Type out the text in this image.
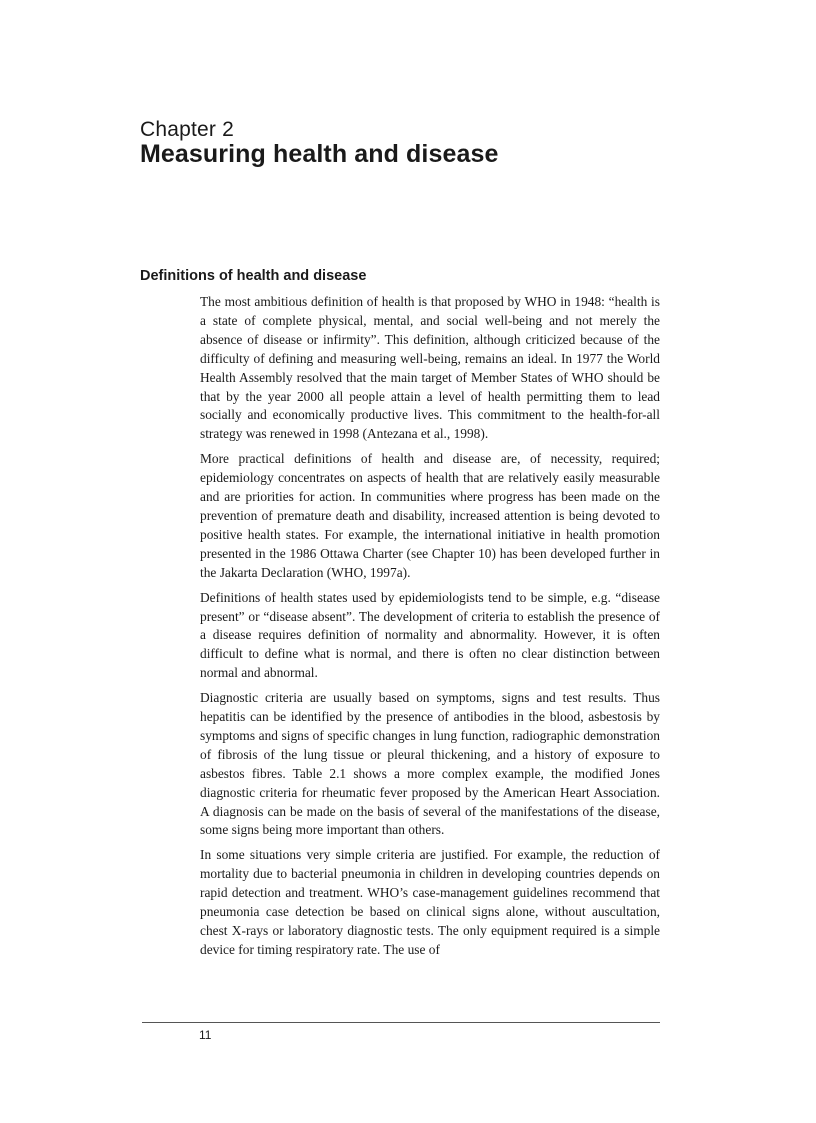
Chapter 2
Measuring health and disease
Definitions of health and disease

The most ambitious definition of health is that proposed by WHO in 1948: “health is a state of complete physical, mental, and social well-being and not merely the absence of disease or infirmity”. This definition, although criticized because of the difficulty of defining and measuring well-being, remains an ideal. In 1977 the World Health Assembly resolved that the main target of Member States of WHO should be that by the year 2000 all people attain a level of health permitting them to lead socially and economically productive lives. This commitment to the health-for-all strategy was renewed in 1998 (Antezana et al., 1998).

More practical definitions of health and disease are, of necessity, required; epidemiology concentrates on aspects of health that are relatively easily measurable and are priorities for action. In communities where progress has been made on the prevention of premature death and disability, increased attention is being devoted to positive health states. For example, the international initiative in health promotion presented in the 1986 Ottawa Charter (see Chapter 10) has been developed further in the Jakarta Declaration (WHO, 1997a).

Definitions of health states used by epidemiologists tend to be simple, e.g. “disease present” or “disease absent”. The development of criteria to establish the presence of a disease requires definition of normality and abnormality. However, it is often difficult to define what is normal, and there is often no clear distinction between normal and abnormal.

Diagnostic criteria are usually based on symptoms, signs and test results. Thus hepatitis can be identified by the presence of antibodies in the blood, asbestosis by symptoms and signs of specific changes in lung function, radiographic demonstration of fibrosis of the lung tissue or pleural thickening, and a history of exposure to asbestos fibres. Table 2.1 shows a more complex example, the modified Jones diagnostic criteria for rheumatic fever proposed by the American Heart Association. A diagnosis can be made on the basis of several of the manifestations of the disease, some signs being more important than others.

In some situations very simple criteria are justified. For example, the reduction of mortality due to bacterial pneumonia in children in developing countries depends on rapid detection and treatment. WHO’s case-management guidelines recommend that pneumonia case detection be based on clinical signs alone, without auscultation, chest X-rays or laboratory diagnostic tests. The only equipment required is a simple device for timing respiratory rate. The use of

11
